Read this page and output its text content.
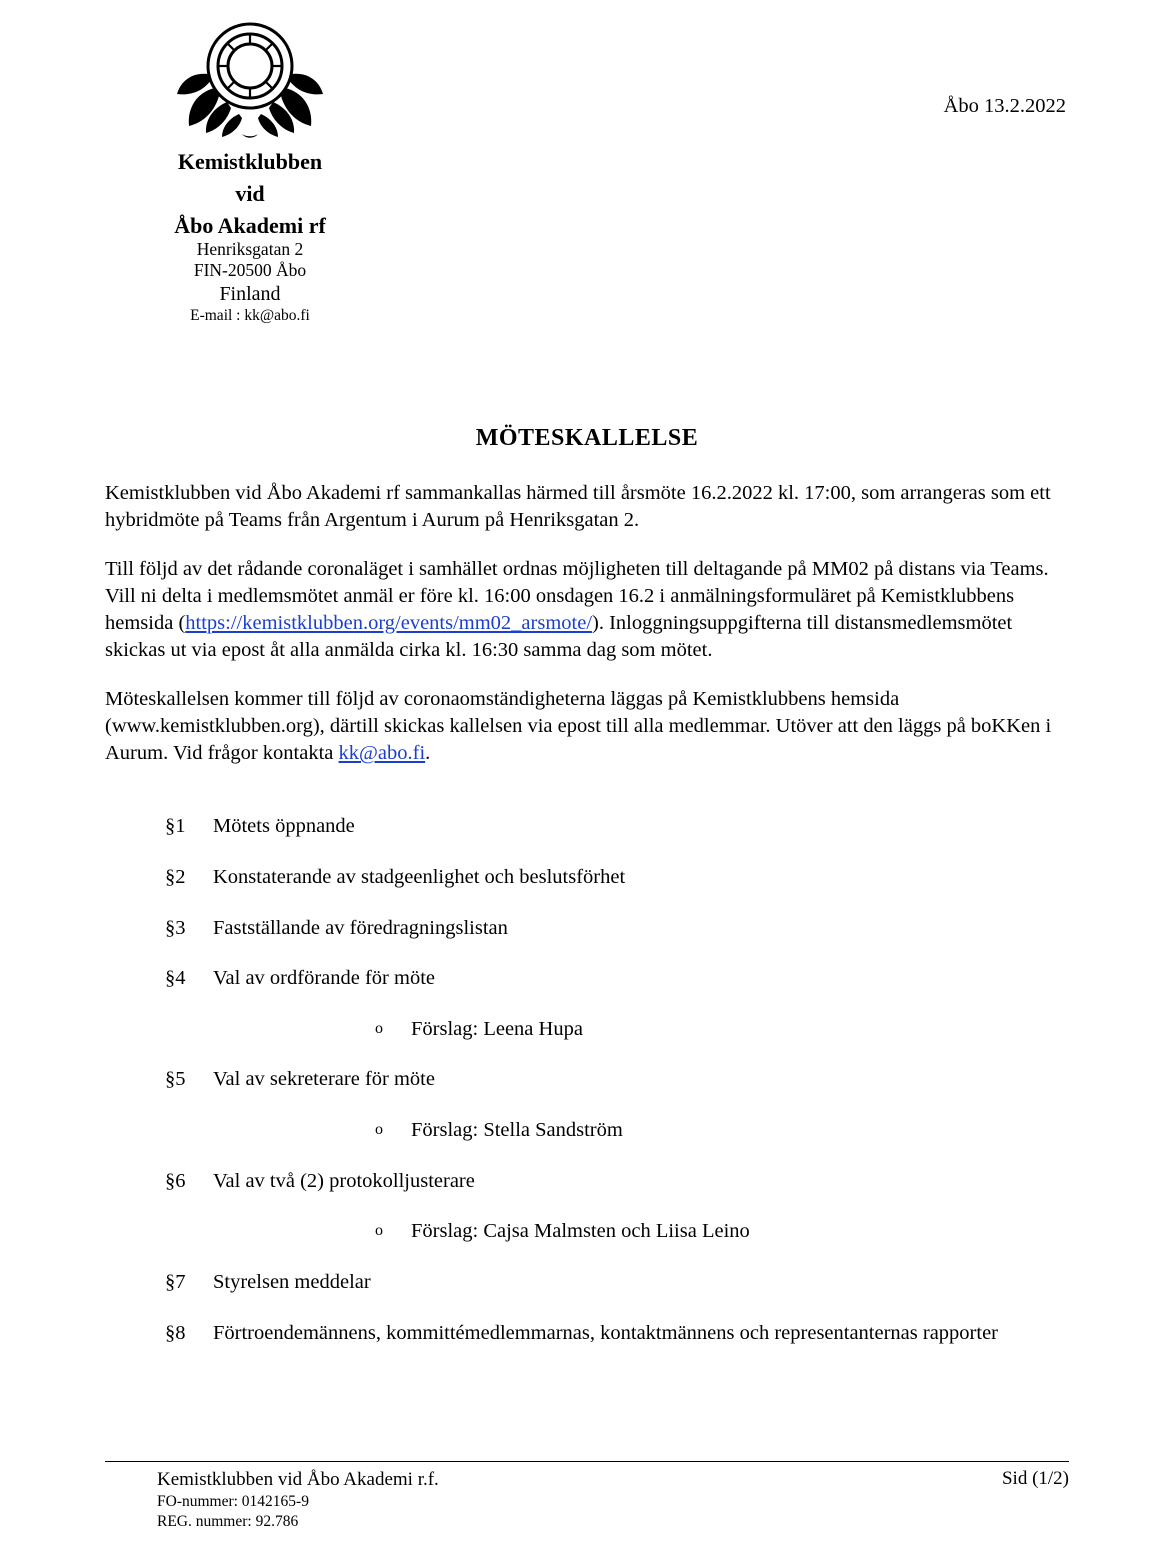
Kemistklubben
vid
Åbo Akademi rf
Henriksgatan 2
FIN-20500 Åbo
Finland
E-mail : kk@abo.fi
Åbo 13.2.2022
MÖTESKALLELSE

Kemistklubben vid Åbo Akademi rf sammankallas härmed till årsmöte 16.2.2022 kl. 17:00, som arrangeras som ett hybridmöte på Teams från Argentum i Aurum på Henriksgatan 2.

Till följd av det rådande coronaläget i samhället ordnas möjligheten till deltagande på MM02 på distans via Teams. Vill ni delta i medlemsmötet anmäl er före kl. 16:00 onsdagen 16.2 i anmälningsformuläret på Kemistklubbens hemsida (https://kemistklubben.org/events/mm02_arsmote/). Inloggningsuppgifterna till distansmedlemsmötet skickas ut via epost åt alla anmälda cirka kl. 16:30 samma dag som mötet.

Möteskallelsen kommer till följd av coronaomständigheterna läggas på Kemistklubbens hemsida (www.kemistklubben.org), därtill skickas kallelsen via epost till alla medlemmar. Utöver att den läggs på boKKen i Aurum. Vid frågor kontakta kk@abo.fi.

§1	Mötets öppnande
§2	Konstaterande av stadgeenlighet och beslutsförhet
§3	Fastställande av föredragningslistan
§4	Val av ordförande för möte
o	Förslag: Leena Hupa
§5	Val av sekreterare för möte
o	Förslag: Stella Sandström
§6	Val av två (2) protokolljusterare
o	Förslag: Cajsa Malmsten och Liisa Leino
§7	Styrelsen meddelar
§8	Förtroendemännens, kommittémedlemmarnas, kontaktmännens och representanternas rapporter
Kemistklubben vid Åbo Akademi r.f.
FO-nummer: 0142165-9
REG. nummer: 92.786
Sid (1/2)
